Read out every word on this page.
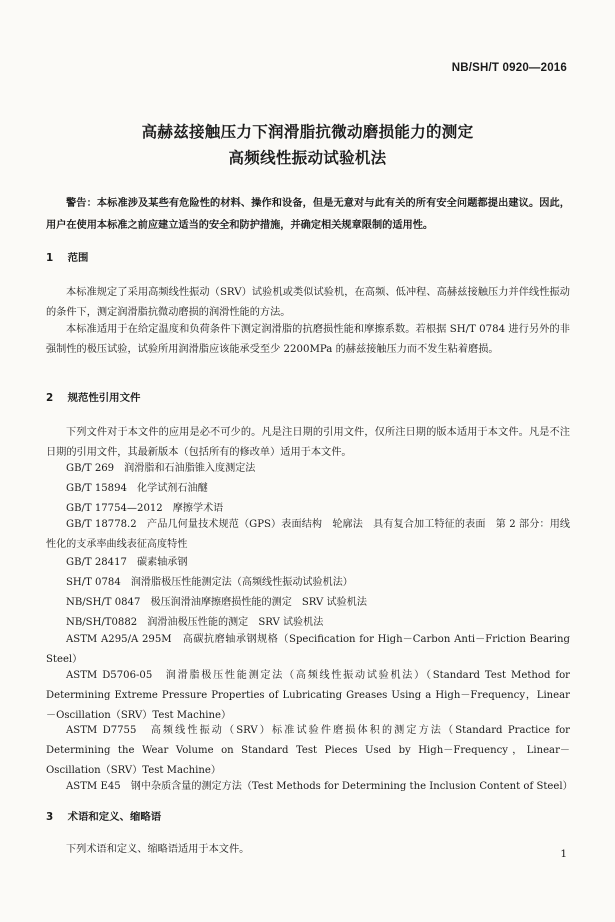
NB/SH/T 0920—2016
高赫兹接触压力下润滑脂抗微动磨损能力的测定
高频线性振动试验机法
警告：本标准涉及某些有危险性的材料、操作和设备，但是无意对与此有关的所有安全问题都提出建议。因此，用户在使用本标准之前应建立适当的安全和防护措施，并确定相关规章限制的适用性。
1 范围
本标准规定了采用高频线性振动（SRV）试验机或类似试验机，在高频、低冲程、高赫兹接触压力并伴线性振动的条件下，测定润滑脂抗微动磨损的润滑性能的方法。
本标准适用于在给定温度和负荷条件下测定润滑脂的抗磨损性能和摩擦系数。若根据 SH/T 0784 进行另外的非强制性的极压试验，试验所用润滑脂应该能承受至少 2200MPa 的赫兹接触压力而不发生粘着磨损。
2 规范性引用文件
下列文件对于本文件的应用是必不可少的。凡是注日期的引用文件，仅所注日期的版本适用于本文件。凡是不注日期的引用文件，其最新版本（包括所有的修改单）适用于本文件。
GB/T 269　润滑脂和石油脂锥入度测定法
GB/T 15894　化学试剂石油醚
GB/T 17754—2012　摩擦学术语
GB/T 18778.2　产品几何量技术规范（GPS）表面结构　轮廓法　具有复合加工特征的表面　第 2 部分：用线性化的支承率曲线表征高度特性
GB/T 28417　碳素轴承钢
SH/T 0784　润滑脂极压性能测定法（高频线性振动试验机法）
NB/SH/T 0847　极压润滑油摩擦磨损性能的测定　SRV 试验机法
NB/SH/T0882　润滑油极压性能的测定　SRV 试验机法
ASTM A295/A 295M　高碳抗磨轴承钢规格（Specification for High－Carbon Anti－Friction Bearing Steel）
ASTM D5706-05　润滑脂极压性能测定法（高频线性振动试验机法）（Standard Test Method for Determining Extreme Pressure Properties of Lubricating Greases Using a High－Frequency，Linear－Oscillation（SRV）Test Machine）
ASTM D7755　高频线性振动（SRV）标准试验件磨损体积的测定方法（Standard Practice for Determining the Wear Volume on Standard Test Pieces Used by High－Frequency，Linear－Oscillation（SRV）Test Machine）
ASTM E45　钢中杂质含量的测定方法（Test Methods for Determining the Inclusion Content of Steel）
3 术语和定义、缩略语
下列术语和定义、缩略语适用于本文件。	1
